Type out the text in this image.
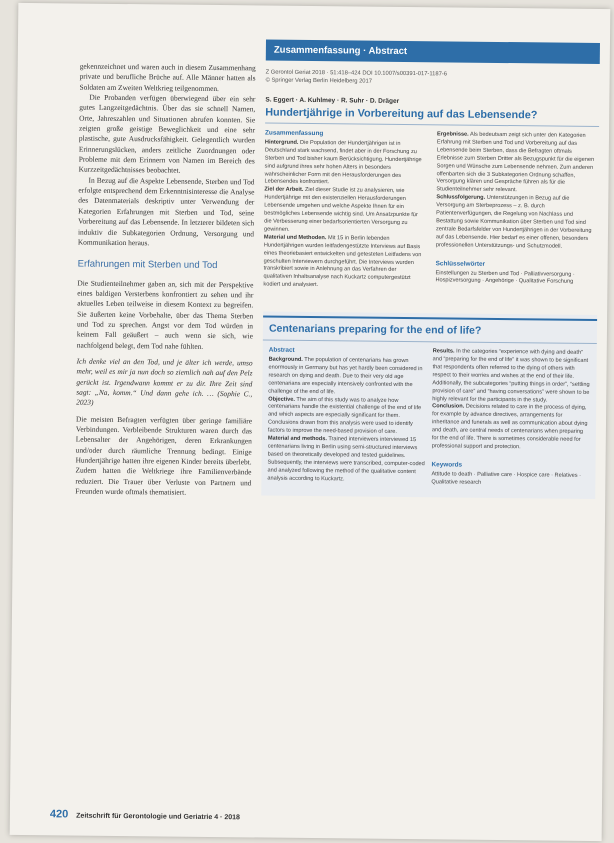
gekennzeichnet und waren auch in diesem Zusammenhang private und berufliche Brüche auf. Alle Männer hatten als Soldaten am Zweiten Weltkrieg teilgenommen.

Die Probanden verfügen überwiegend über ein sehr gutes Langzeitgedächtnis. Über das sie schnell Namen, Orte, Jahreszahlen und Situationen abrufen konnten. Sie zeigten große geistige Beweglichkeit und eine sehr plastische, gute Ausdrucksfähigkeit. Gelegentlich wurden Erinnerungslücken, anders zeitliche Zuordnungen oder Probleme mit dem Erinnern von Namen im Bereich des Kurzzeitgedächtnisses beobachtet.

In Bezug auf die Aspekte Lebensende, Sterben und Tod erfolgte entsprechend dem Erkenntnisinteresse die Analyse des Datenmaterials deskriptiv unter Verwendung der Kategorien Erfahrungen mit Sterben und Tod, seine Vorbereitung auf das Lebensende. In letzterer bildeten sich induktiv die Subkategorien Ordnung, Versorgung und Kommunikation heraus.

Erfahrungen mit Sterben und Tod

Die Studienteilnehmer gaben an, sich mit der Perspektive eines baldigen Versterbens konfrontiert zu sehen und ihr aktuelles Leben teilweise in diesem Kontext zu begreifen. Sie äußerten keine Vorbehalte, über das Thema Sterben und Tod zu sprechen. Angst vor dem Tod würden in keinem Fall geäußert – auch wenn sie sich, wie nachfolgend belegt, dem Tod nahe fühlten.

Ich denke viel an den Tod, und je älter ich werde, umso mehr, weil es mir ja nun doch so ziemlich nah auf den Pelz gerückt ist. Irgendwann kommt er zu dir. Ihre Zeit sind sagt: „Na, komm.“ Und dann gehe ich. … (Sophie C., 2023)

Die meisten Befragten verfügten über geringe familiäre Verbindungen. Verbleibende Strukturen waren durch das Lebensalter der Angehörigen, deren Erkrankungen und/oder durch räumliche Trennung bedingt. Einige Hundertjährige hatten ihre eigenen Kinder bereits überlebt. Zudem hatten die Weltkriege ihre Familienverbände reduziert. Die Trauer über Verluste von Partnern und Freunden wurde oftmals thematisiert.

Zusammenfassung · Abstract
Z Gerontol Geriat 2018 · 51:418–424 DOI 10.1007/s00391-017-1187-6
© Springer Verlag Berlin Heidelberg 2017
S. Eggert · A. Kuhlmey · R. Suhr · D. Dräger
Hundertjährige in Vorbereitung auf das Lebensende?
Zusammenfassung

Hintergrund. Die Population der Hundertjährigen ist in Deutschland stark wachsend, findet aber in der Forschung zu Sterben und Tod bisher kaum Berücksichtigung. Hundertjährige sind aufgrund ihres sehr hohen Alters in besonders wahrscheinlicher Form mit den Herausforderungen des Lebensendes konfrontiert.

Ziel der Arbeit. Ziel dieser Studie ist zu analysieren, wie Hundertjährige mit den existenziellen Herausforderungen Lebensende umgehen und welche Aspekte Ihnen für ein bestmögliches Lebensende wichtig sind. Um Ansatzpunkte für die Verbesserung einer bedarfsorientierten Versorgung zu gewinnen.

Material und Methoden. Mit 15 in Berlin lebenden Hundertjährigen wurden leitfadengestützte Interviews auf Basis eines theoriebasiert entwickelten und getesteten Leitfadens von geschulten Interviewern durchgeführt. Die Interviews wurden transkribiert sowie in Anlehnung an das Verfahren der qualitativen Inhaltsanalyse nach Kuckartz computergestützt kodiert und analysiert.

Ergebnisse. Als bedeutsam zeigt sich unter den Kategorien Erfahrung mit Sterben und Tod und Vorbereitung auf das Lebensende beim Sterben, dass die Befragten oftmals Erlebnisse zum Sterben Dritter als Bezugspunkt für die eigenen Sorgen und Wünsche zum Lebensende nehmen. Zum anderen offenbarten sich die 3 Subkategorien Ordnung schaffen, Versorgung klären und Gespräche führen als für die Studienteilnehmer sehr relevant.

Schlussfolgerung. Unterstützungen in Bezug auf die Versorgung am Sterbeprozess – z. B. durch Patientenverfügungen, die Regelung von Nachlass und Bestattung sowie Kommunikation über Sterben und Tod sind zentrale Bedarfsfelder von Hundertjährigen in der Vorbereitung auf das Lebensende. Hier bedarf es einer offenen, besonders professionellen Unterstützungs- und Schutzmodell.

Schlüsselwörter

Einstellungen zu Sterben und Tod · Palliativversorgung · Hospizversorgung · Angehörige · Qualitative Forschung

Centenarians preparing for the end of life?
Abstract

Background. The population of centenarians has grown enormously in Germany but has yet hardly been considered in research on dying and death. Due to their very old age centenarians are especially intensively confronted with the challenge of the end of life.

Objective. The aim of this study was to analyze how centenarians handle the existential challenge of the end of life and which aspects are especially significant for them. Conclusions drawn from this analysis were used to identify factors to improve the need-based provision of care.

Material and methods. Trained interviewers interviewed 15 centenarians living in Berlin using semi-structured interviews based on theoretically developed and tested guidelines. Subsequently, the interviews were transcribed, computer-coded and analyzed following the method of the qualitative content analysis according to Kuckartz.

Results. In the categories “experience with dying and death” and “preparing for the end of life” it was shown to be significant that respondents often referred to the dying of others with respect to their worries and wishes at the end of their life. Additionally, the subcategories “putting things in order”, “settling provision of care” and “having conversations” were shown to be highly relevant for the participants in the study.

Conclusion. Decisions related to care in the process of dying, for example by advance directives, arrangements for inheritance and funerals as well as communication about dying and death, are central needs of centenarians when preparing for the end of life. There is sometimes considerable need for professional support and protection.

Keywords

Attitude to death · Palliative care · Hospice care · Relatives · Qualitative research

420 Zeitschrift für Gerontologie und Geriatrie 4 · 2018
